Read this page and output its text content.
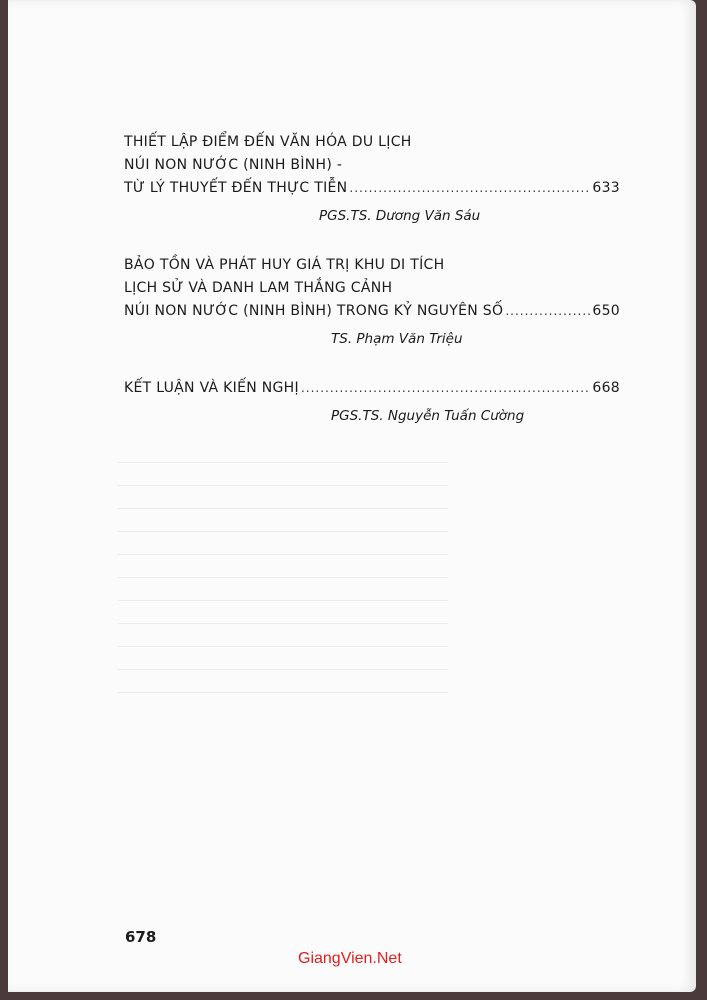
THIẾT LẬP ĐIỂM ĐẾN VĂN HÓA DU LỊCH
NÚI NON NƯỚC (NINH BÌNH) -
TỪ LÝ THUYẾT ĐẾN THỰC TIỄN .....	633
PGS.TS. Dương Văn Sáu
BẢO TỒN VÀ PHÁT HUY GIÁ TRỊ KHU DI TÍCH
LỊCH SỬ VÀ DANH LAM THẮNG CẢNH
NÚI NON NƯỚC (NINH BÌNH) TRONG KỶ NGUYÊN SỐ .....	650
TS. Phạm Văn Triệu
KẾT LUẬN VÀ KIẾN NGHỊ .....	668
PGS.TS. Nguyễn Tuấn Cường
678
GiangVien.Net
